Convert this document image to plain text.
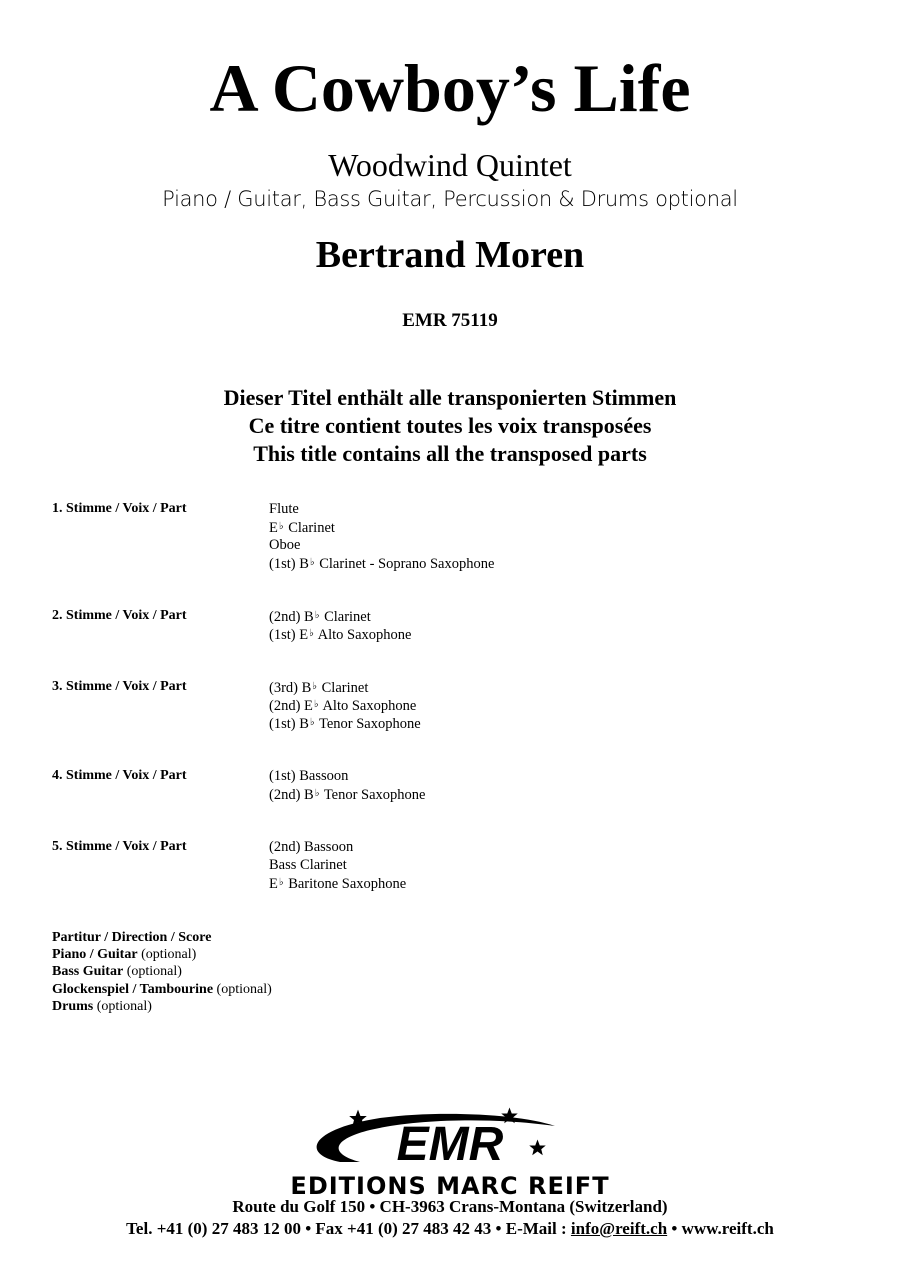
A Cowboy’s Life
Woodwind Quintet
Piano / Guitar, Bass Guitar, Percussion & Drums optional
Bertrand Moren
EMR 75119
Dieser Titel enthält alle transponierten Stimmen
Ce titre contient toutes les voix transposées
This title contains all the transposed parts
1. Stimme / Voix / Part	Flute
E♭ Clarinet
Oboe
(1st) B♭ Clarinet - Soprano Saxophone
2. Stimme / Voix / Part	(2nd) B♭ Clarinet
(1st) E♭ Alto Saxophone
3. Stimme / Voix / Part	(3rd) B♭ Clarinet
(2nd) E♭ Alto Saxophone
(1st) B♭ Tenor Saxophone
4. Stimme / Voix / Part	(1st) Bassoon
(2nd) B♭ Tenor Saxophone
5. Stimme / Voix / Part	(2nd) Bassoon
Bass Clarinet
E♭ Baritone Saxophone
Partitur / Direction / Score
Piano / Guitar (optional)
Bass Guitar (optional)
Glockenspiel / Tambourine (optional)
Drums (optional)
EMR
EDITIONS MARC REIFT
Route du Golf 150 • CH-3963 Crans-Montana (Switzerland)
Tel. +41 (0) 27 483 12 00 • Fax +41 (0) 27 483 42 43 • E-Mail : info@reift.ch • www.reift.ch
